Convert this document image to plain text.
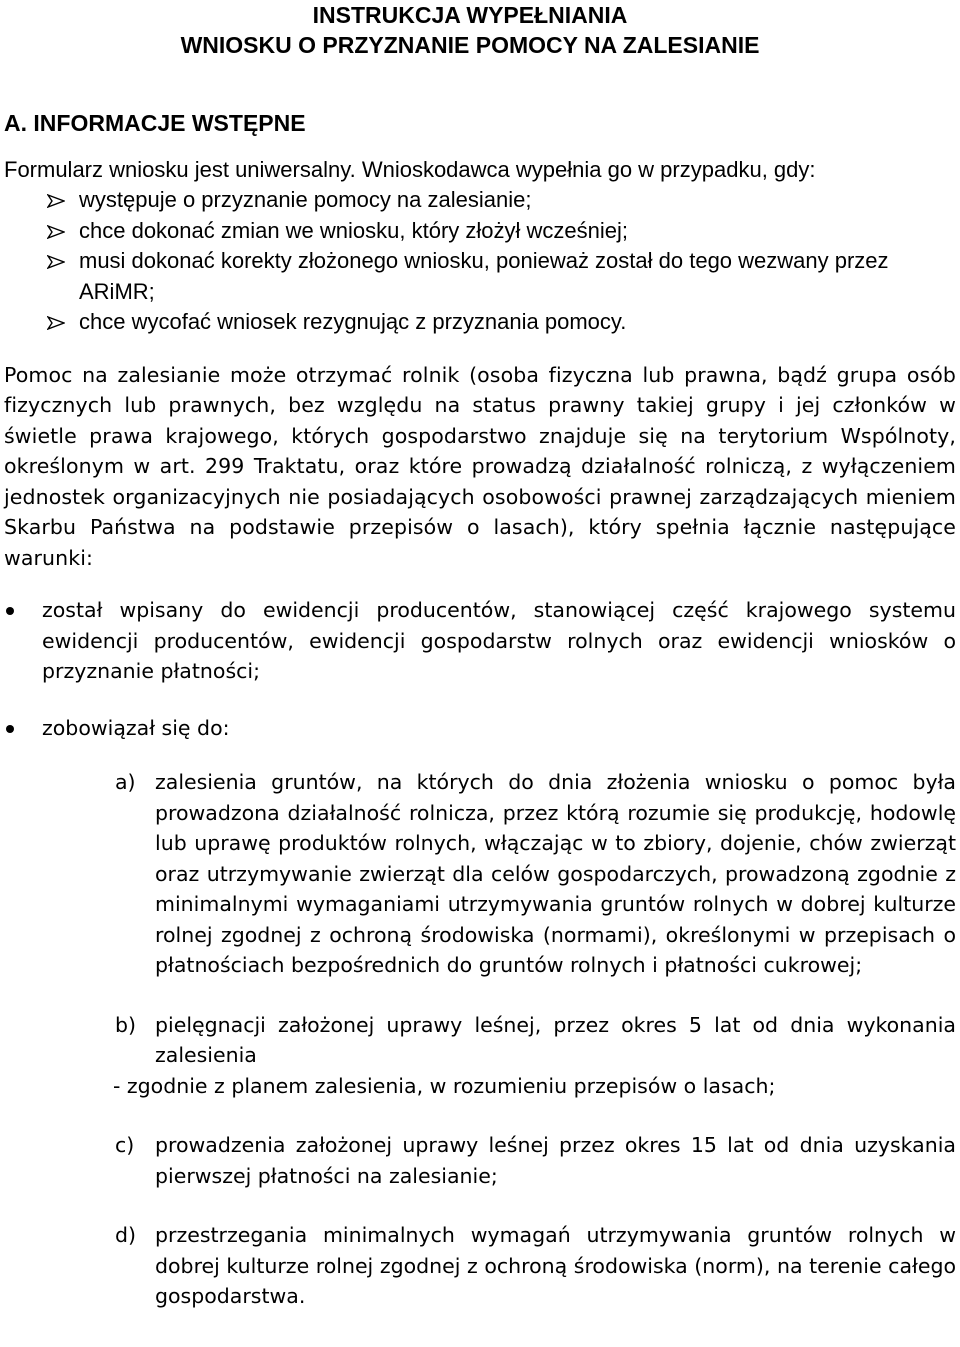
INSTRUKCJA WYPEŁNIANIA
WNIOSKU O PRZYZNANIE POMOCY NA ZALESIANIE
A. INFORMACJE WSTĘPNE
Formularz wniosku jest uniwersalny. Wnioskodawca wypełnia go w przypadku, gdy:
występuje o przyznanie pomocy na zalesianie;
chce dokonać zmian we wniosku, który złożył wcześniej;
musi dokonać korekty złożonego wniosku, ponieważ został do tego wezwany przez ARiMR;
chce wycofać wniosek rezygnując z przyznania pomocy.
Pomoc na zalesianie może otrzymać rolnik (osoba fizyczna lub prawna, bądź grupa osób fizycznych lub prawnych, bez względu na status prawny takiej grupy i jej członków w świetle prawa krajowego, których gospodarstwo znajduje się na terytorium Wspólnoty, określonym w art. 299 Traktatu, oraz które prowadzą działalność rolniczą, z wyłączeniem jednostek organizacyjnych nie posiadających osobowości prawnej zarządzających mieniem Skarbu Państwa na podstawie przepisów o lasach), który spełnia łącznie następujące warunki:
został wpisany do ewidencji producentów, stanowiącej część krajowego systemu ewidencji producentów, ewidencji gospodarstw rolnych oraz ewidencji wniosków o przyznanie płatności;
zobowiązał się do:
a) zalesienia gruntów, na których do dnia złożenia wniosku o pomoc była prowadzona działalność rolnicza, przez którą rozumie się produkcję, hodowlę lub uprawę produktów rolnych, włączając w to zbiory, dojenie, chów zwierząt oraz utrzymywanie zwierząt dla celów gospodarczych, prowadzoną zgodnie z minimalnymi wymaganiami utrzymywania gruntów rolnych w dobrej kulturze rolnej zgodnej z ochroną środowiska (normami), określonymi w przepisach o płatnościach bezpośrednich do gruntów rolnych i płatności cukrowej;
b) pielęgnacji założonej uprawy leśnej, przez okres 5 lat od dnia wykonania zalesienia
- zgodnie z planem zalesienia, w rozumieniu przepisów o lasach;
c) prowadzenia założonej uprawy leśnej przez okres 15 lat od dnia uzyskania pierwszej płatności na zalesianie;
d) przestrzegania minimalnych wymagań utrzymywania gruntów rolnych w dobrej kulturze rolnej zgodnej z ochroną środowiska (norm), na terenie całego gospodarstwa.
